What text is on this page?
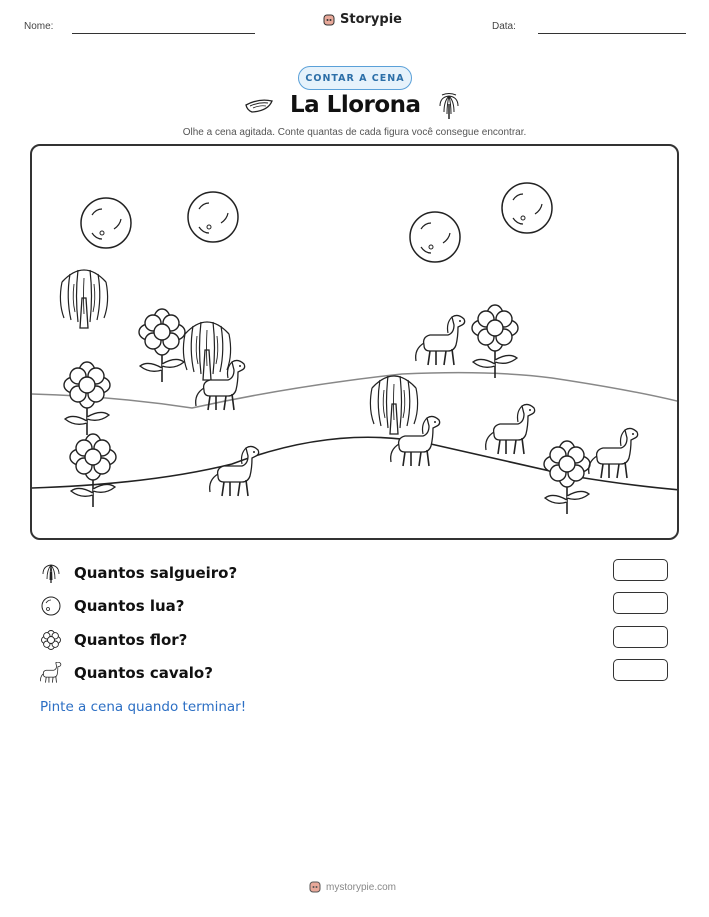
Nome:	Storypie	Data:
CONTAR A CENA
La Llorona
Olhe a cena agitada. Conte quantas de cada figura você consegue encontrar.
Quantos salgueiro?
Quantos lua?
Quantos flor?
Quantos cavalo?
Pinte a cena quando terminar!
mystorypie.com
